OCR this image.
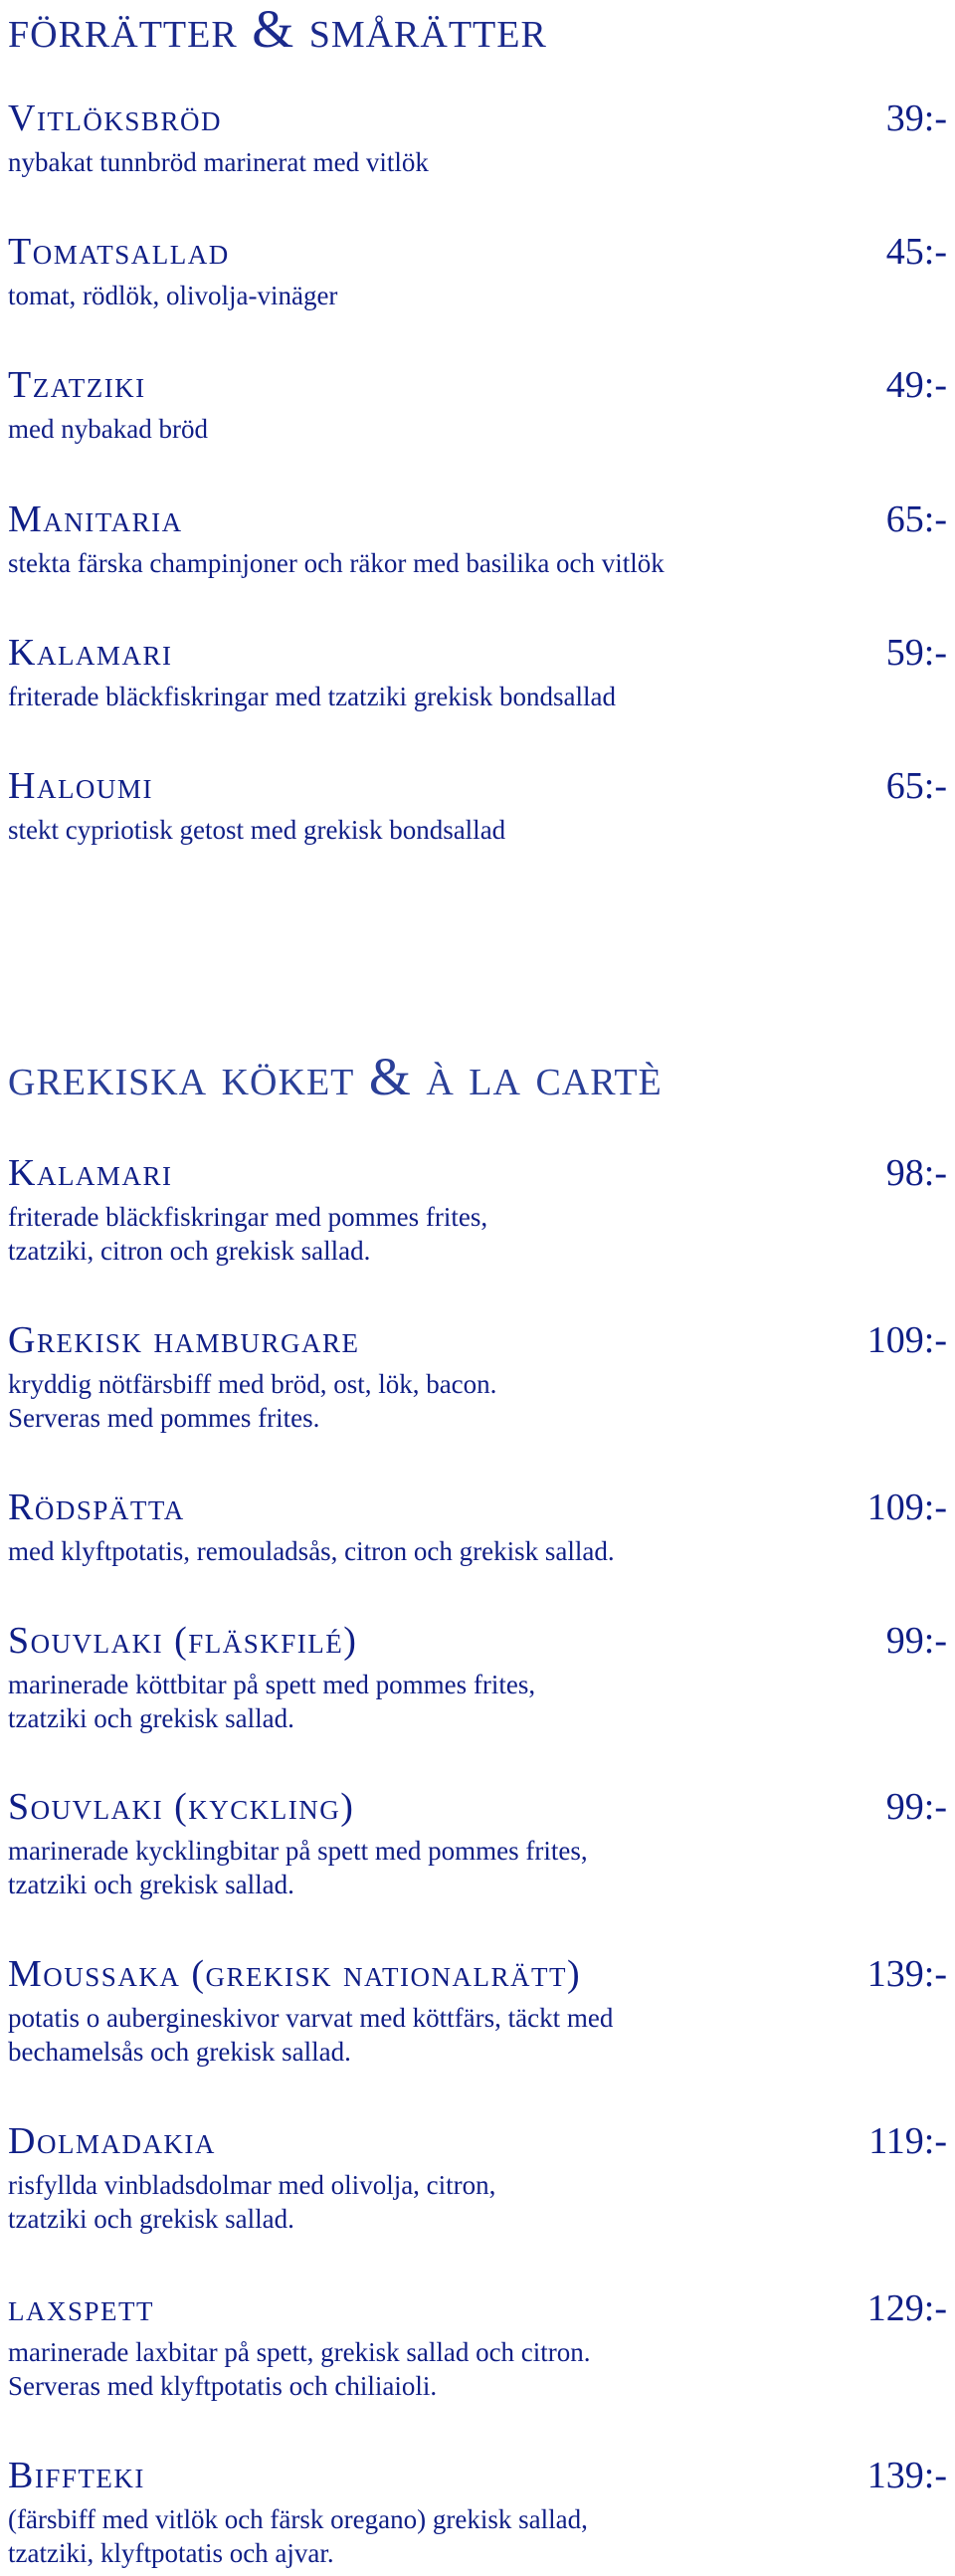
förrätter & smårätter
Vitlöksbröd	39:-
nybakat tunnbröd marinerat med vitlök
Tomatsallad	45:-
tomat, rödlök, olivolja-vinäger
Tzatziki	49:-
med nybakad bröd
Manitaria	65:-
stekta färska champinjoner och räkor med basilika och vitlök
Kalamari	59:-
friterade bläckfiskringar med tzatziki grekisk bondsallad
Haloumi	65:-
stekt cypriotisk getost med grekisk bondsallad
grekiska köket & à la cartè
Kalamari	98:-
friterade bläckfiskringar med pommes frites,
tzatziki, citron och grekisk sallad.
Grekisk hamburgare	109:-
kryddig nötfärsbiff med bröd, ost, lök, bacon.
Serveras med pommes frites.
Rödspätta	109:-
med klyftpotatis, remouladsås, citron och grekisk sallad.
Souvlaki (fläskfilé)	99:-
marinerade köttbitar på spett med pommes frites,
tzatziki och grekisk sallad.
Souvlaki (kyckling)	99:-
marinerade kycklingbitar på spett med pommes frites,
tzatziki och grekisk sallad.
Moussaka (grekisk nationalrätt)	139:-
potatis o auberginеskivor varvat med köttfärs, täckt med
bechamelsås och grekisk sallad.
Dolmadakia	119:-
risfyllda vinbladsdolmar med olivolja, citron,
tzatziki och grekisk sallad.
laxspett	129:-
marinerade laxbitar på spett, grekisk sallad och citron.
Serveras med klyftpotatis och chiliaioli.
Biffteki	139:-
(färsbiff med vitlök och färsk oregano) grekisk sallad,
tzatziki, klyftpotatis och ajvar.
